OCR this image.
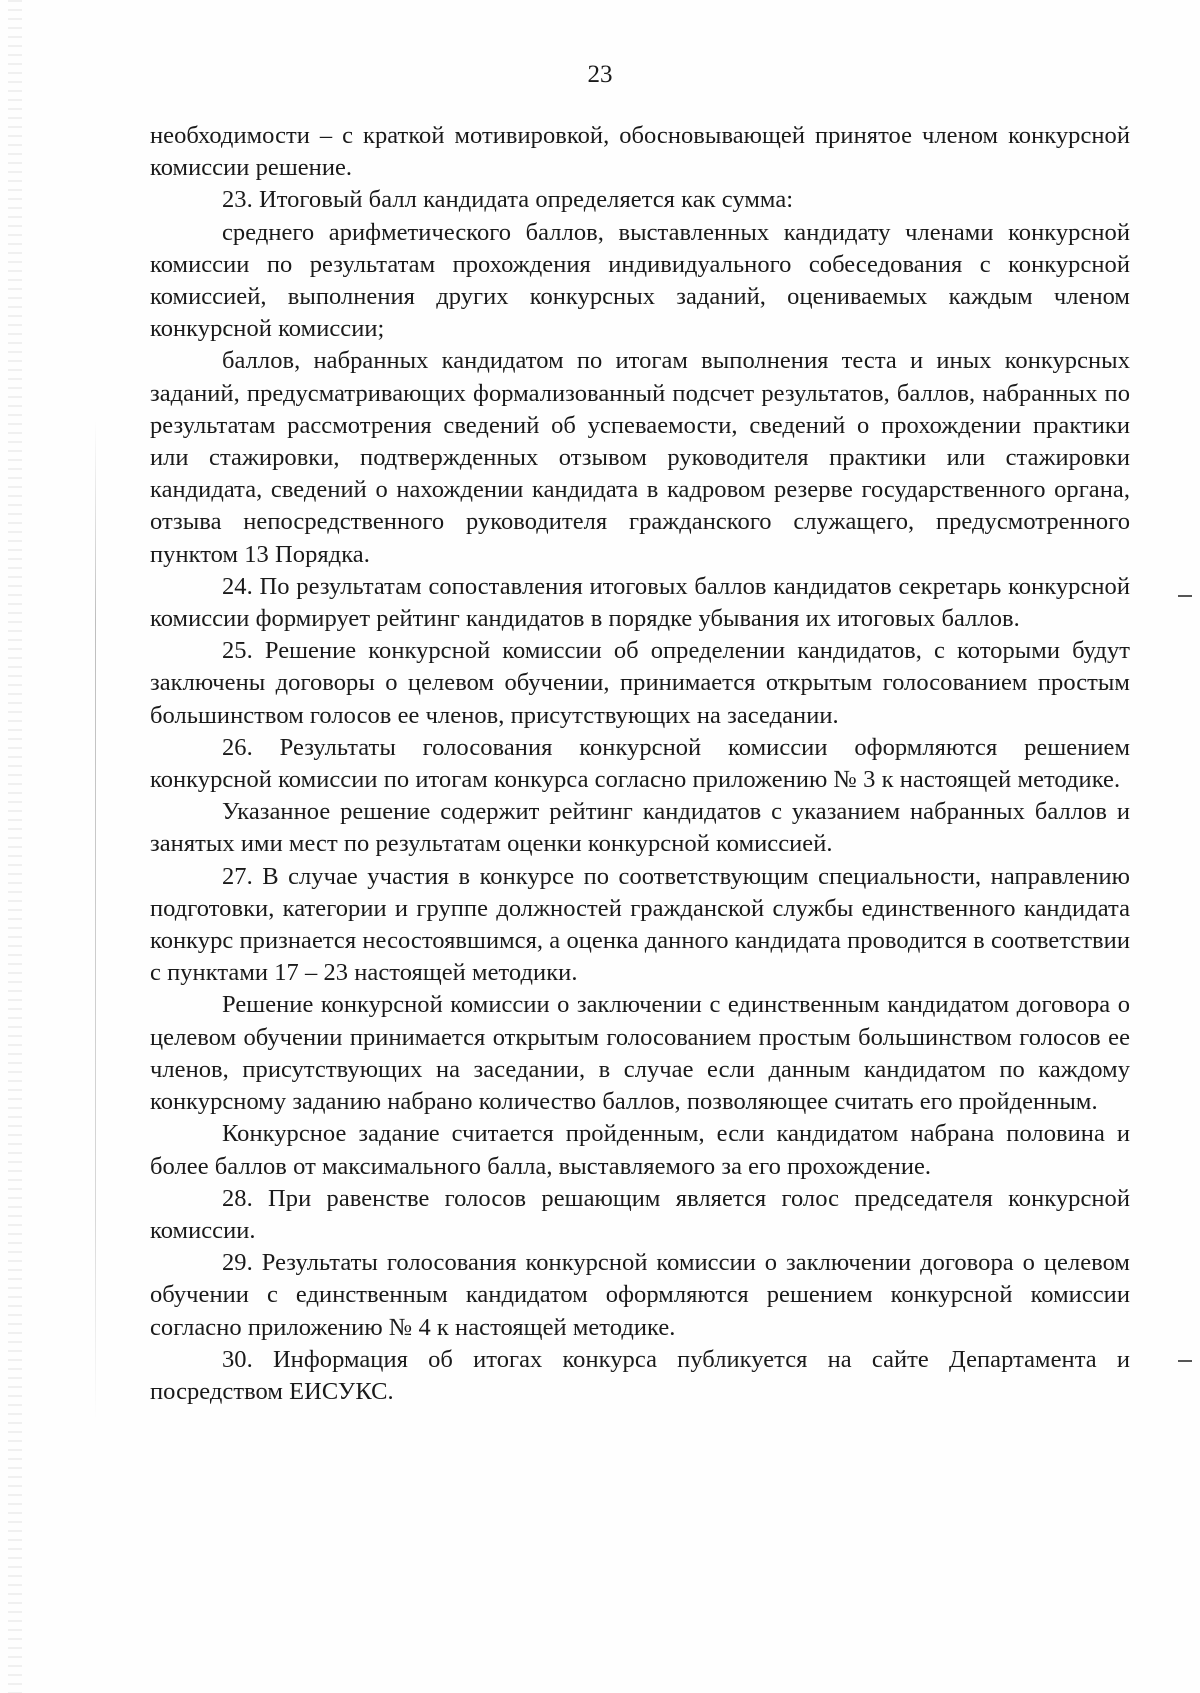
23

необходимости – с краткой мотивировкой, обосновывающей принятое членом конкурсной комиссии решение.

23. Итоговый балл кандидата определяется как сумма:

среднего арифметического баллов, выставленных кандидату членами конкурсной комиссии по результатам прохождения индивидуального собеседования с конкурсной комиссией, выполнения других конкурсных заданий, оцениваемых каждым членом конкурсной комиссии;

баллов, набранных кандидатом по итогам выполнения теста и иных конкурсных заданий, предусматривающих формализованный подсчет результатов, баллов, набранных по результатам рассмотрения сведений об успеваемости, сведений о прохождении практики или стажировки, подтвержденных отзывом руководителя практики или стажировки кандидата, сведений о нахождении кандидата в кадровом резерве государственного органа, отзыва непосредственного руководителя гражданского служащего, предусмотренного пунктом 13 Порядка.

24. По результатам сопоставления итоговых баллов кандидатов секретарь конкурсной комиссии формирует рейтинг кандидатов в порядке убывания их итоговых баллов.

25. Решение конкурсной комиссии об определении кандидатов, с которыми будут заключены договоры о целевом обучении, принимается открытым голосованием простым большинством голосов ее членов, присутствующих на заседании.

26. Результаты голосования конкурсной комиссии оформляются решением конкурсной комиссии по итогам конкурса согласно приложению № 3 к настоящей методике.

Указанное решение содержит рейтинг кандидатов с указанием набранных баллов и занятых ими мест по результатам оценки конкурсной комиссией.

27. В случае участия в конкурсе по соответствующим специальности, направлению подготовки, категории и группе должностей гражданской службы единственного кандидата конкурс признается несостоявшимся, а оценка данного кандидата проводится в соответствии с пунктами 17 – 23 настоящей методики.

Решение конкурсной комиссии о заключении с единственным кандидатом договора о целевом обучении принимается открытым голосованием простым большинством голосов ее членов, присутствующих на заседании, в случае если данным кандидатом по каждому конкурсному заданию набрано количество баллов, позволяющее считать его пройденным.

Конкурсное задание считается пройденным, если кандидатом набрана половина и более баллов от максимального балла, выставляемого за его прохождение.

28. При равенстве голосов решающим является голос председателя конкурсной комиссии.

29. Результаты голосования конкурсной комиссии о заключении договора о целевом обучении с единственным кандидатом оформляются решением конкурсной комиссии согласно приложению № 4 к настоящей методике.

30. Информация об итогах конкурса публикуется на сайте Департамента и посредством ЕИСУКС.
